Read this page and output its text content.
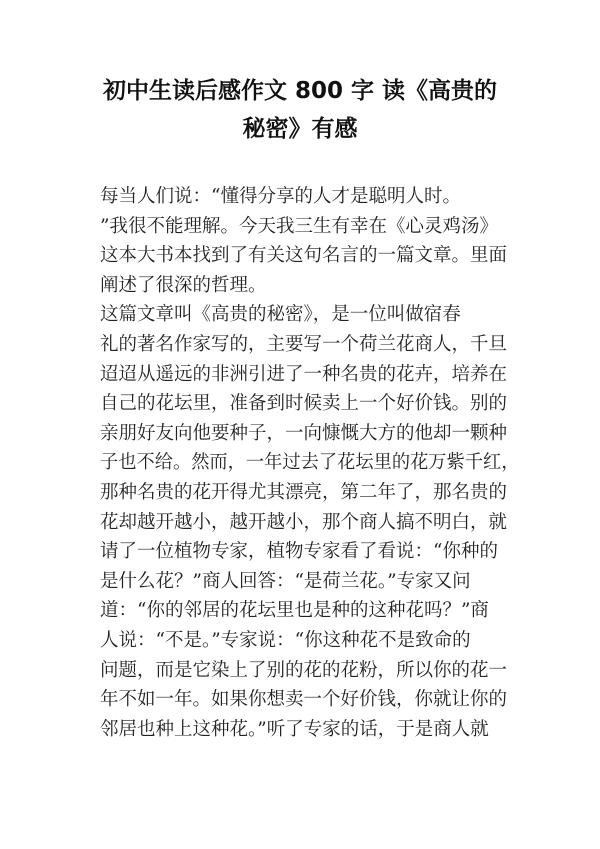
初中生读后感作文 800 字 读《高贵的
秘密》有感
每当人们说：“懂得分享的人才是聪明人时。
”我很不能理解。今天我三生有幸在《心灵鸡汤》
这本大书本找到了有关这句名言的一篇文章。里面
阐述了很深的哲理。
这篇文章叫《高贵的秘密》，是一位叫做宿春
礼的著名作家写的，主要写一个荷兰花商人，千旦
迢迢从遥远的非洲引进了一种名贵的花卉，培养在
自己的花坛里，准备到时候卖上一个好价钱。别的
亲朋好友向他要种子，一向慷慨大方的他却一颗种
子也不给。然而，一年过去了花坛里的花万紫千红，
那种名贵的花开得尤其漂亮，第二年了，那名贵的
花却越开越小，越开越小，那个商人搞不明白，就
请了一位植物专家，植物专家看了看说：“你种的
是什么花？”商人回答：“是荷兰花。”专家又问
道：“你的邻居的花坛里也是种的这种花吗？”商
人说：“不是。”专家说：“你这种花不是致命的
问题，而是它染上了别的花的花粉，所以你的花一
年不如一年。如果你想卖一个好价钱，你就让你的
邻居也种上这种花。”听了专家的话，于是商人就
